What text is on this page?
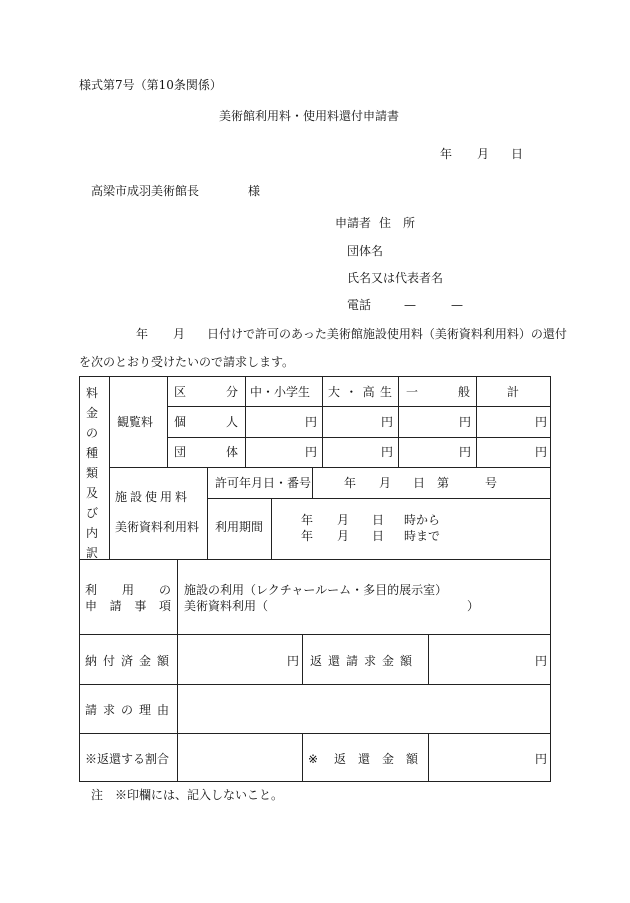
様式第7号（第10条関係）
美術館利用料・使用料還付申請書
年 月 日
高梁市成羽美術館長	様
申請者 住　所
団体名
氏名又は代表者名
電話	—	—
年 月 日付けで許可のあった美術館施設使用料（美術資料利用料）の還付
を次のとおり受けたいので請求します。
料
金
の
種
類
及
び
内
訳
観覧料
区	分 中・小学生 大 ・ 高 生 一	般	計
個	人	円	円	円	円
団	体	円	円	円	円
施設使用料
美術資料利用料
許可年月日・番号	年 月 日 第	号
利用期間	年 月 日 時から
年 月 日 時まで
利 用 の
申 請 事 項
施設の利用（レクチャールーム・多目的展示室）
美術資料利用（	）
納付済金額	円 返還請求金額	円
請求の理由
※返還する割合	※ 返還金額	円
注　※印欄には、記入しないこと。
